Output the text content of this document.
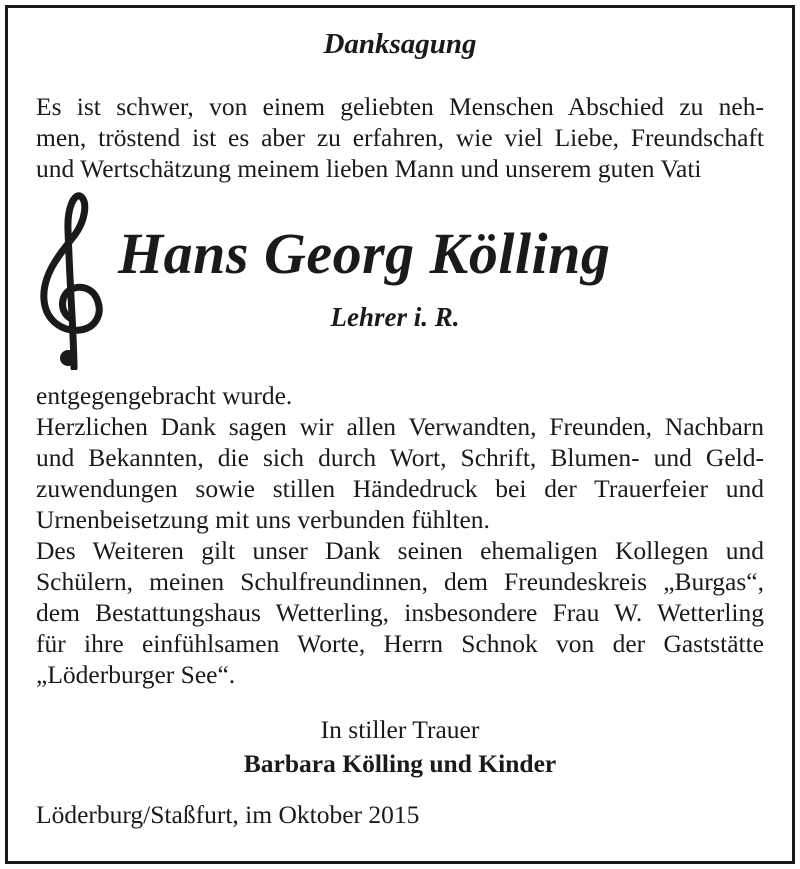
Danksagung
Es ist schwer, von einem geliebten Menschen Abschied zu neh-
men, tröstend ist es aber zu erfahren, wie viel Liebe, Freundschaft
und Wertschätzung meinem lieben Mann und unserem guten Vati
Hans Georg Kölling
Lehrer i. R.
entgegengebracht wurde.
Herzlichen Dank sagen wir allen Verwandten, Freunden, Nachbarn
und Bekannten, die sich durch Wort, Schrift, Blumen- und Geld-
zuwendungen sowie stillen Händedruck bei der Trauerfeier und
Urnenbeisetzung mit uns verbunden fühlten.
Des Weiteren gilt unser Dank seinen ehemaligen Kollegen und
Schülern, meinen Schulfreundinnen, dem Freundeskreis „Burgas“,
dem Bestattungshaus Wetterling, insbesondere Frau W. Wetterling
für ihre einfühlsamen Worte, Herrn Schnok von der Gaststätte
„Löderburger See“.
In stiller Trauer
Barbara Kölling und Kinder
Löderburg/Staßfurt, im Oktober 2015
